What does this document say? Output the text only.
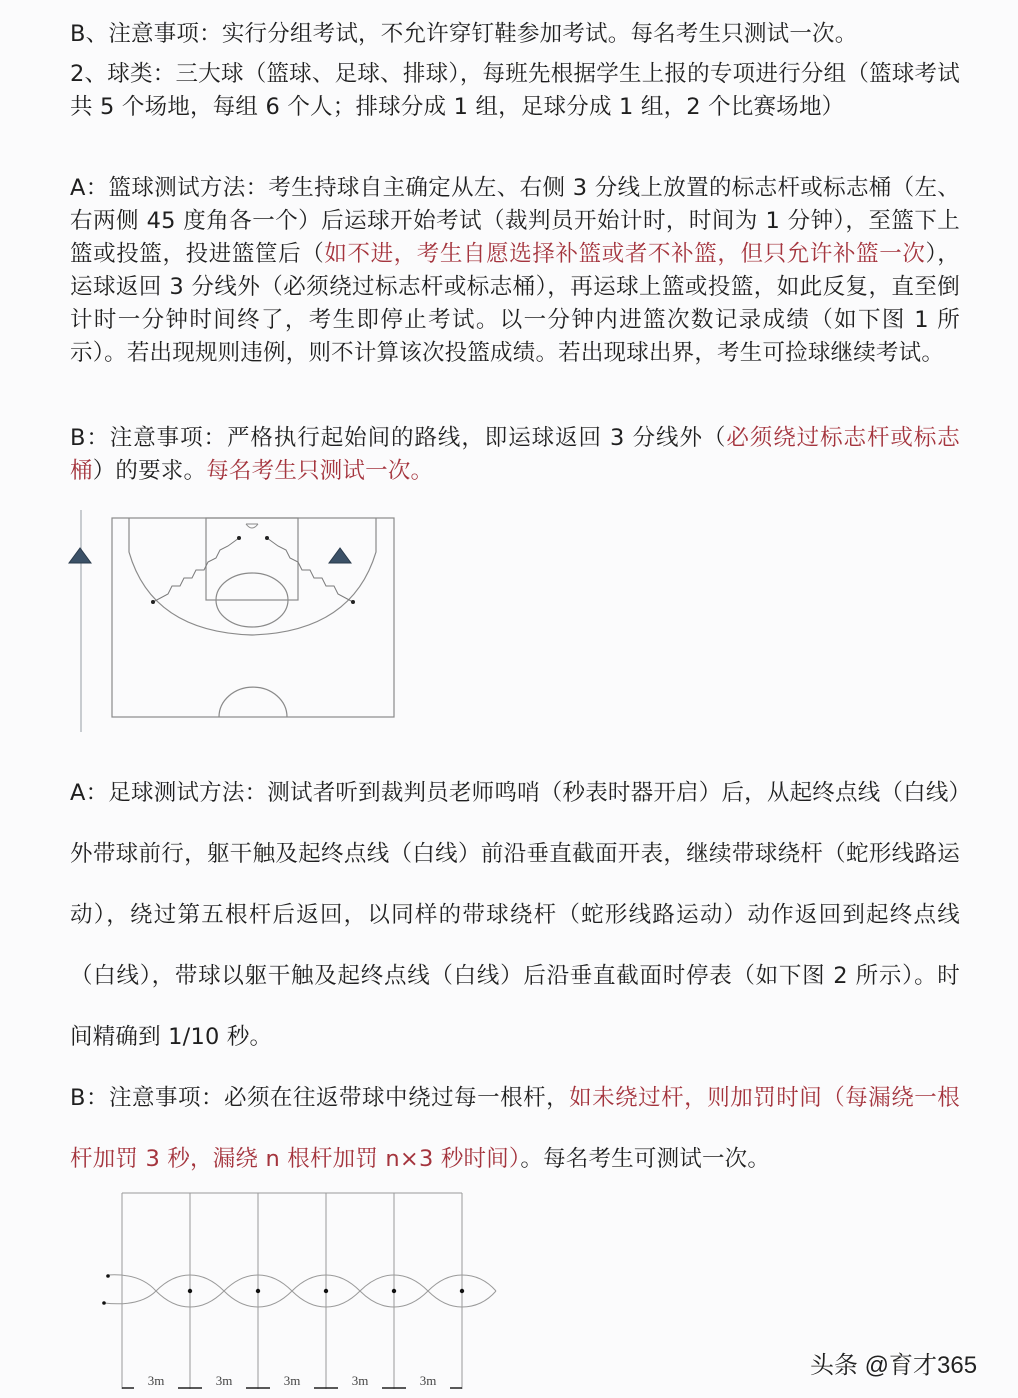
B、注意事项：实行分组考试，不允许穿钉鞋参加考试。每名考生只测试一次。
2、球类：三大球（篮球、足球、排球），每班先根据学生上报的专项进行分组（篮球考试共 5 个场地，每组 6 个人；排球分成 1 组，足球分成 1 组，2 个比赛场地）
A：篮球测试方法：考生持球自主确定从左、右侧 3 分线上放置的标志杆或标志桶（左、右两侧 45 度角各一个）后运球开始考试（裁判员开始计时，时间为 1 分钟），至篮下上篮或投篮，投进篮筐后（如不进，考生自愿选择补篮或者不补篮，但只允许补篮一次），运球返回 3 分线外（必须绕过标志杆或标志桶），再运球上篮或投篮，如此反复，直至倒计时一分钟时间终了，考生即停止考试。以一分钟内进篮次数记录成绩（如下图 1 所示）。若出现规则违例，则不计算该次投篮成绩。若出现球出界，考生可捡球继续考试。
B：注意事项：严格执行起始间的路线，即运球返回 3 分线外（必须绕过标志杆或标志桶）的要求。每名考生只测试一次。
A：足球测试方法：测试者听到裁判员老师鸣哨（秒表时器开启）后，从起终点线（白线）外带球前行，躯干触及起终点线（白线）前沿垂直截面开表，继续带球绕杆（蛇形线路运动），绕过第五根杆后返回，以同样的带球绕杆（蛇形线路运动）动作返回到起终点线（白线），带球以躯干触及起终点线（白线）后沿垂直截面时停表（如下图 2 所示）。时间精确到 1/10 秒。
B：注意事项：必须在往返带球中绕过每一根杆，如未绕过杆，则加罚时间（每漏绕一根杆加罚 3 秒，漏绕 n 根杆加罚 n×3 秒时间）。每名考生可测试一次。
3m	3m	3m	3m	3m
头条 @育才365
